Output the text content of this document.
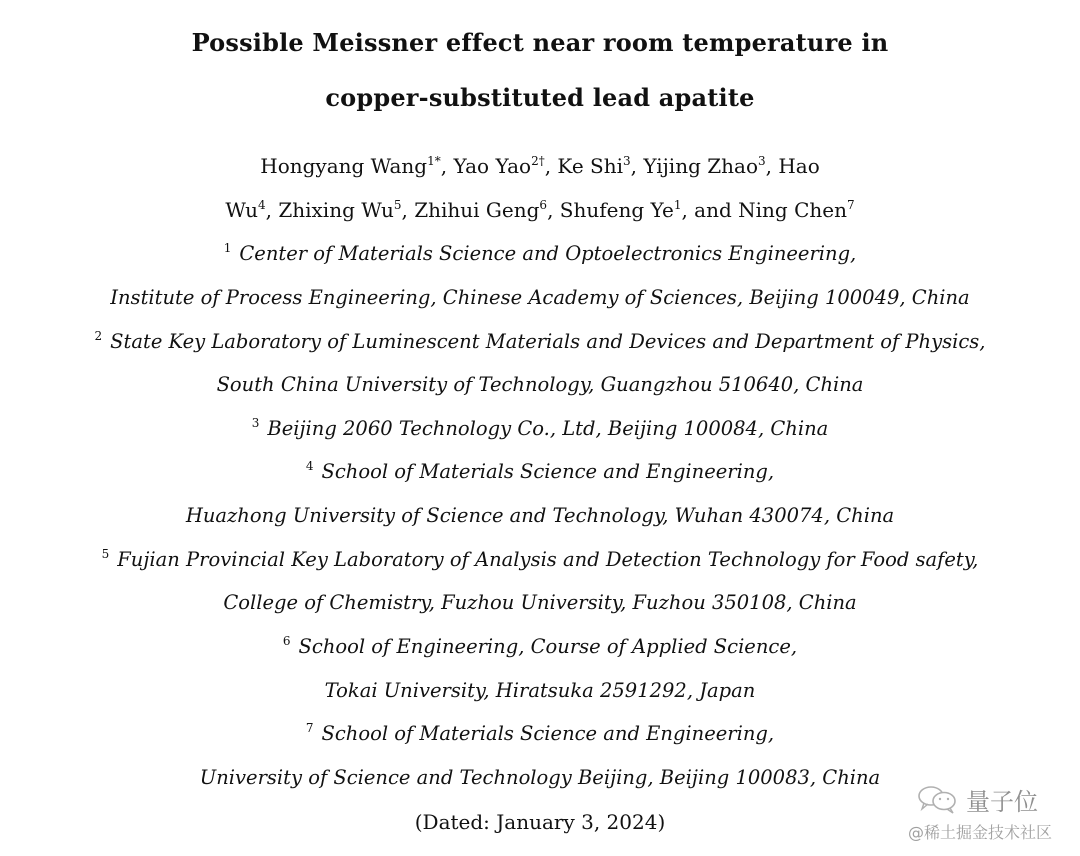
Possible Meissner effect near room temperature in
copper-substituted lead apatite
Hongyang Wang$^{1*}$, Yao Yao$^{2\dagger}$, Ke Shi$^3$, Yijing Zhao$^3$, Hao
Wu$^4$, Zhixing Wu$^5$, Zhihui Geng$^6$, Shufeng Ye$^1$, and Ning Chen$^7$
$^1$ Center of Materials Science and Optoelectronics Engineering,
Institute of Process Engineering, Chinese Academy of Sciences, Beijing 100049, China
$^2$ State Key Laboratory of Luminescent Materials and Devices and Department of Physics,
South China University of Technology, Guangzhou 510640, China
$^3$ Beijing 2060 Technology Co., Ltd, Beijing 100084, China
$^4$ School of Materials Science and Engineering,
Huazhong University of Science and Technology, Wuhan 430074, China
$^5$ Fujian Provincial Key Laboratory of Analysis and Detection Technology for Food safety,
College of Chemistry, Fuzhou University, Fuzhou 350108, China
$^6$ School of Engineering, Course of Applied Science,
Tokai University, Hiratsuka 2591292, Japan
$^7$ School of Materials Science and Engineering,
University of Science and Technology Beijing, Beijing 100083, China
(Dated: January 3, 2024)
量子位
@稀土掘金技术社区
